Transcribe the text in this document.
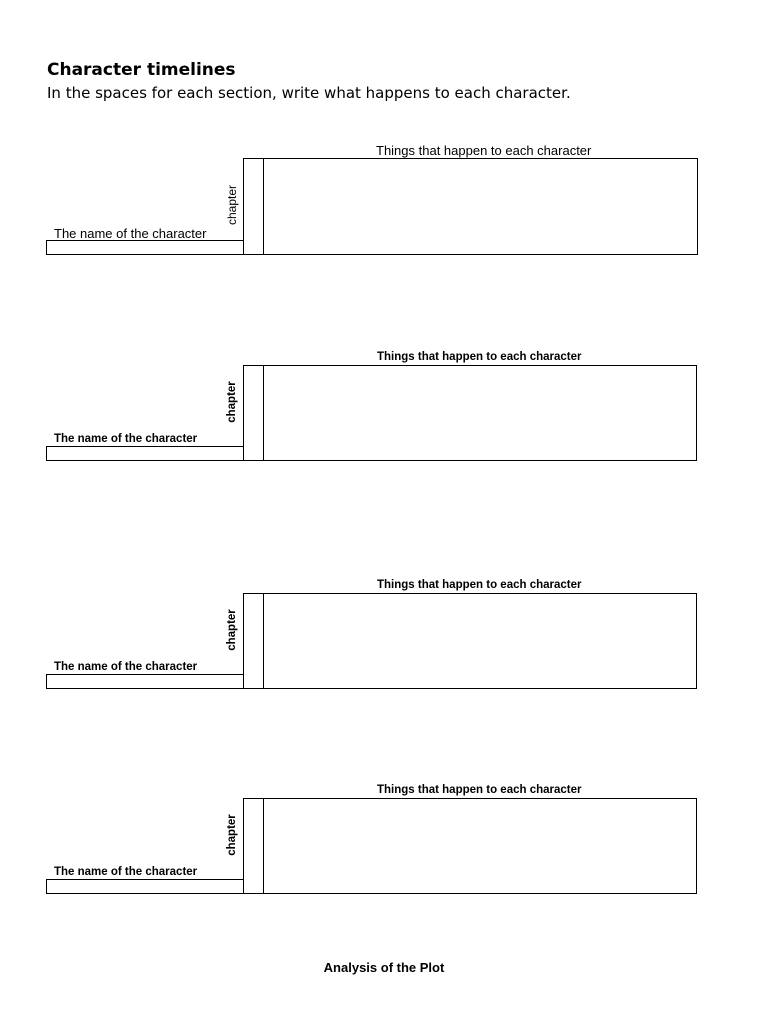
Character timelines

In the spaces for each section, write what happens to each character.

Things that happen to each character
chapter
The name of the character
Things that happen to each character
chapter
The name of the character
Things that happen to each character
chapter
The name of the character
Things that happen to each character
chapter
The name of the character
Analysis of the Plot
